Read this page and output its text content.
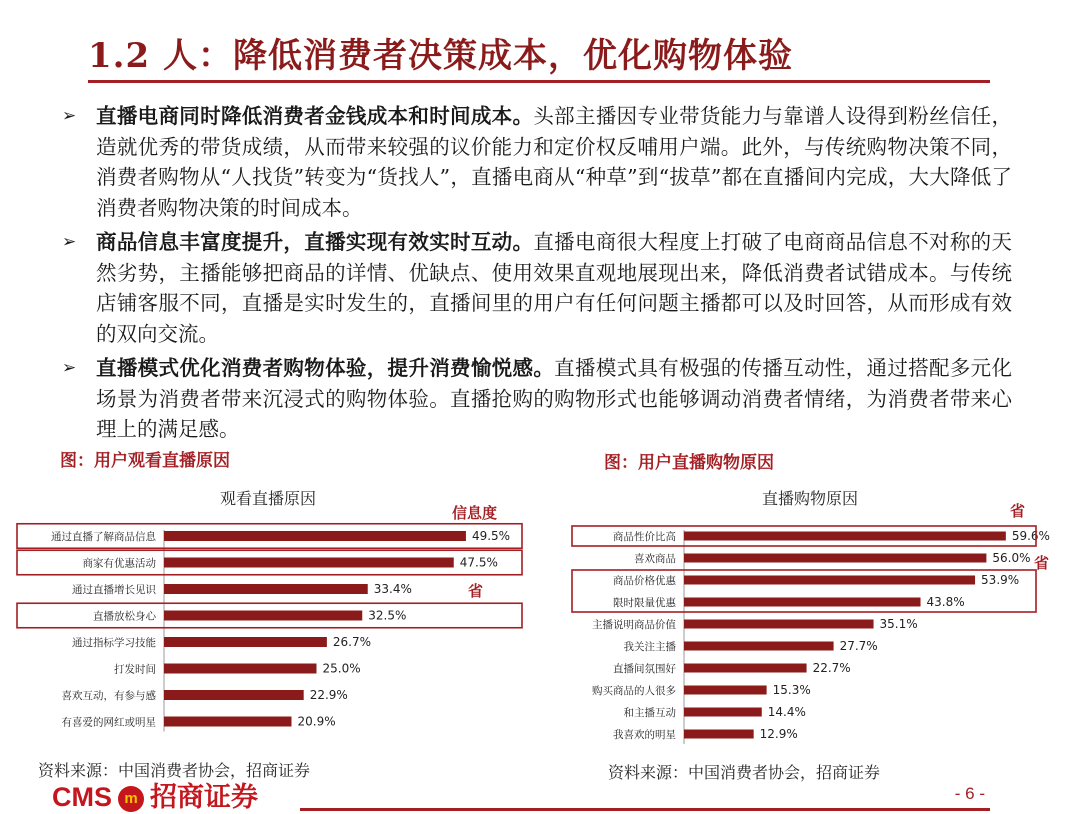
1.2 人：降低消费者决策成本，优化购物体验
➢ 直播电商同时降低消费者金钱成本和时间成本。头部主播因专业带货能力与靠谱人设得到粉丝信任，造就优秀的带货成绩，从而带来较强的议价能力和定价权反哺用户端。此外，与传统购物决策不同，消费者购物从“人找货”转变为“货找人”，直播电商从“种草”到“拔草”都在直播间内完成，大大降低了消费者购物决策的时间成本。
➢ 商品信息丰富度提升，直播实现有效实时互动。直播电商很大程度上打破了电商商品信息不对称的天然劣势，主播能够把商品的详情、优缺点、使用效果直观地展现出来，降低消费者试错成本。与传统店铺客服不同，直播是实时发生的，直播间里的用户有任何问题主播都可以及时回答，从而形成有效的双向交流。
➢ 直播模式优化消费者购物体验，提升消费愉悦感。直播模式具有极强的传播互动性，通过搭配多元化场景为消费者带来沉浸式的购物体验。直播抢购的购物形式也能够调动消费者情绪，为消费者带来心理上的满足感。
图：用户观看直播原因
观看直播原因
信息度
省
通过直播了解商品信息	49.5%
商家有优惠活动	47.5%
通过直播增长见识	33.4%
直播放松身心	32.5%
通过指标学习技能	26.7%
打发时间	25.0%
喜欢互动，有参与感	22.9%
有喜爱的网红或明星	20.9%
资料来源：中国消费者协会，招商证券
图：用户直播购物原因
直播购物原因
省
省
商品性价比高	59.6%
喜欢商品	56.0%
商品价格优惠	53.9%
限时限量优惠	43.8%
主播说明商品价值	35.1%
我关注主播	27.7%
直播间氛围好	22.7%
购买商品的人很多	15.3%
和主播互动	14.4%
我喜欢的明星	12.9%
资料来源：中国消费者协会，招商证券
CMS m 招商证券	- 6 -
